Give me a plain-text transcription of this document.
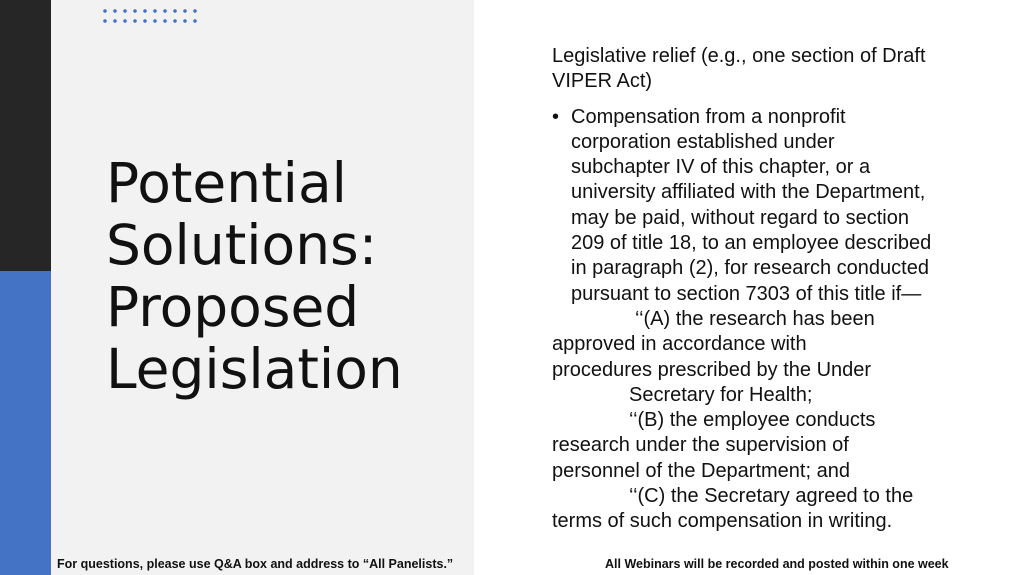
Potential
Solutions:
Proposed
Legislation

Legislative relief (e.g., one section of Draft
VIPER Act)

• Compensation from a nonprofit
corporation established under
subchapter IV of this chapter, or a
university affiliated with the Department,
may be paid, without regard to section
209 of title 18, to an employee described
in paragraph (2), for research conducted
pursuant to section 7303 of this title if—
‘‘(A) the research has been
approved in accordance with
procedures prescribed by the Under
Secretary for Health;
‘‘(B) the employee conducts
research under the supervision of
personnel of the Department; and
‘‘(C) the Secretary agreed to the
terms of such compensation in writing.
For questions, please use Q&A box and address to “All Panelists.”	All Webinars will be recorded and posted within one week
